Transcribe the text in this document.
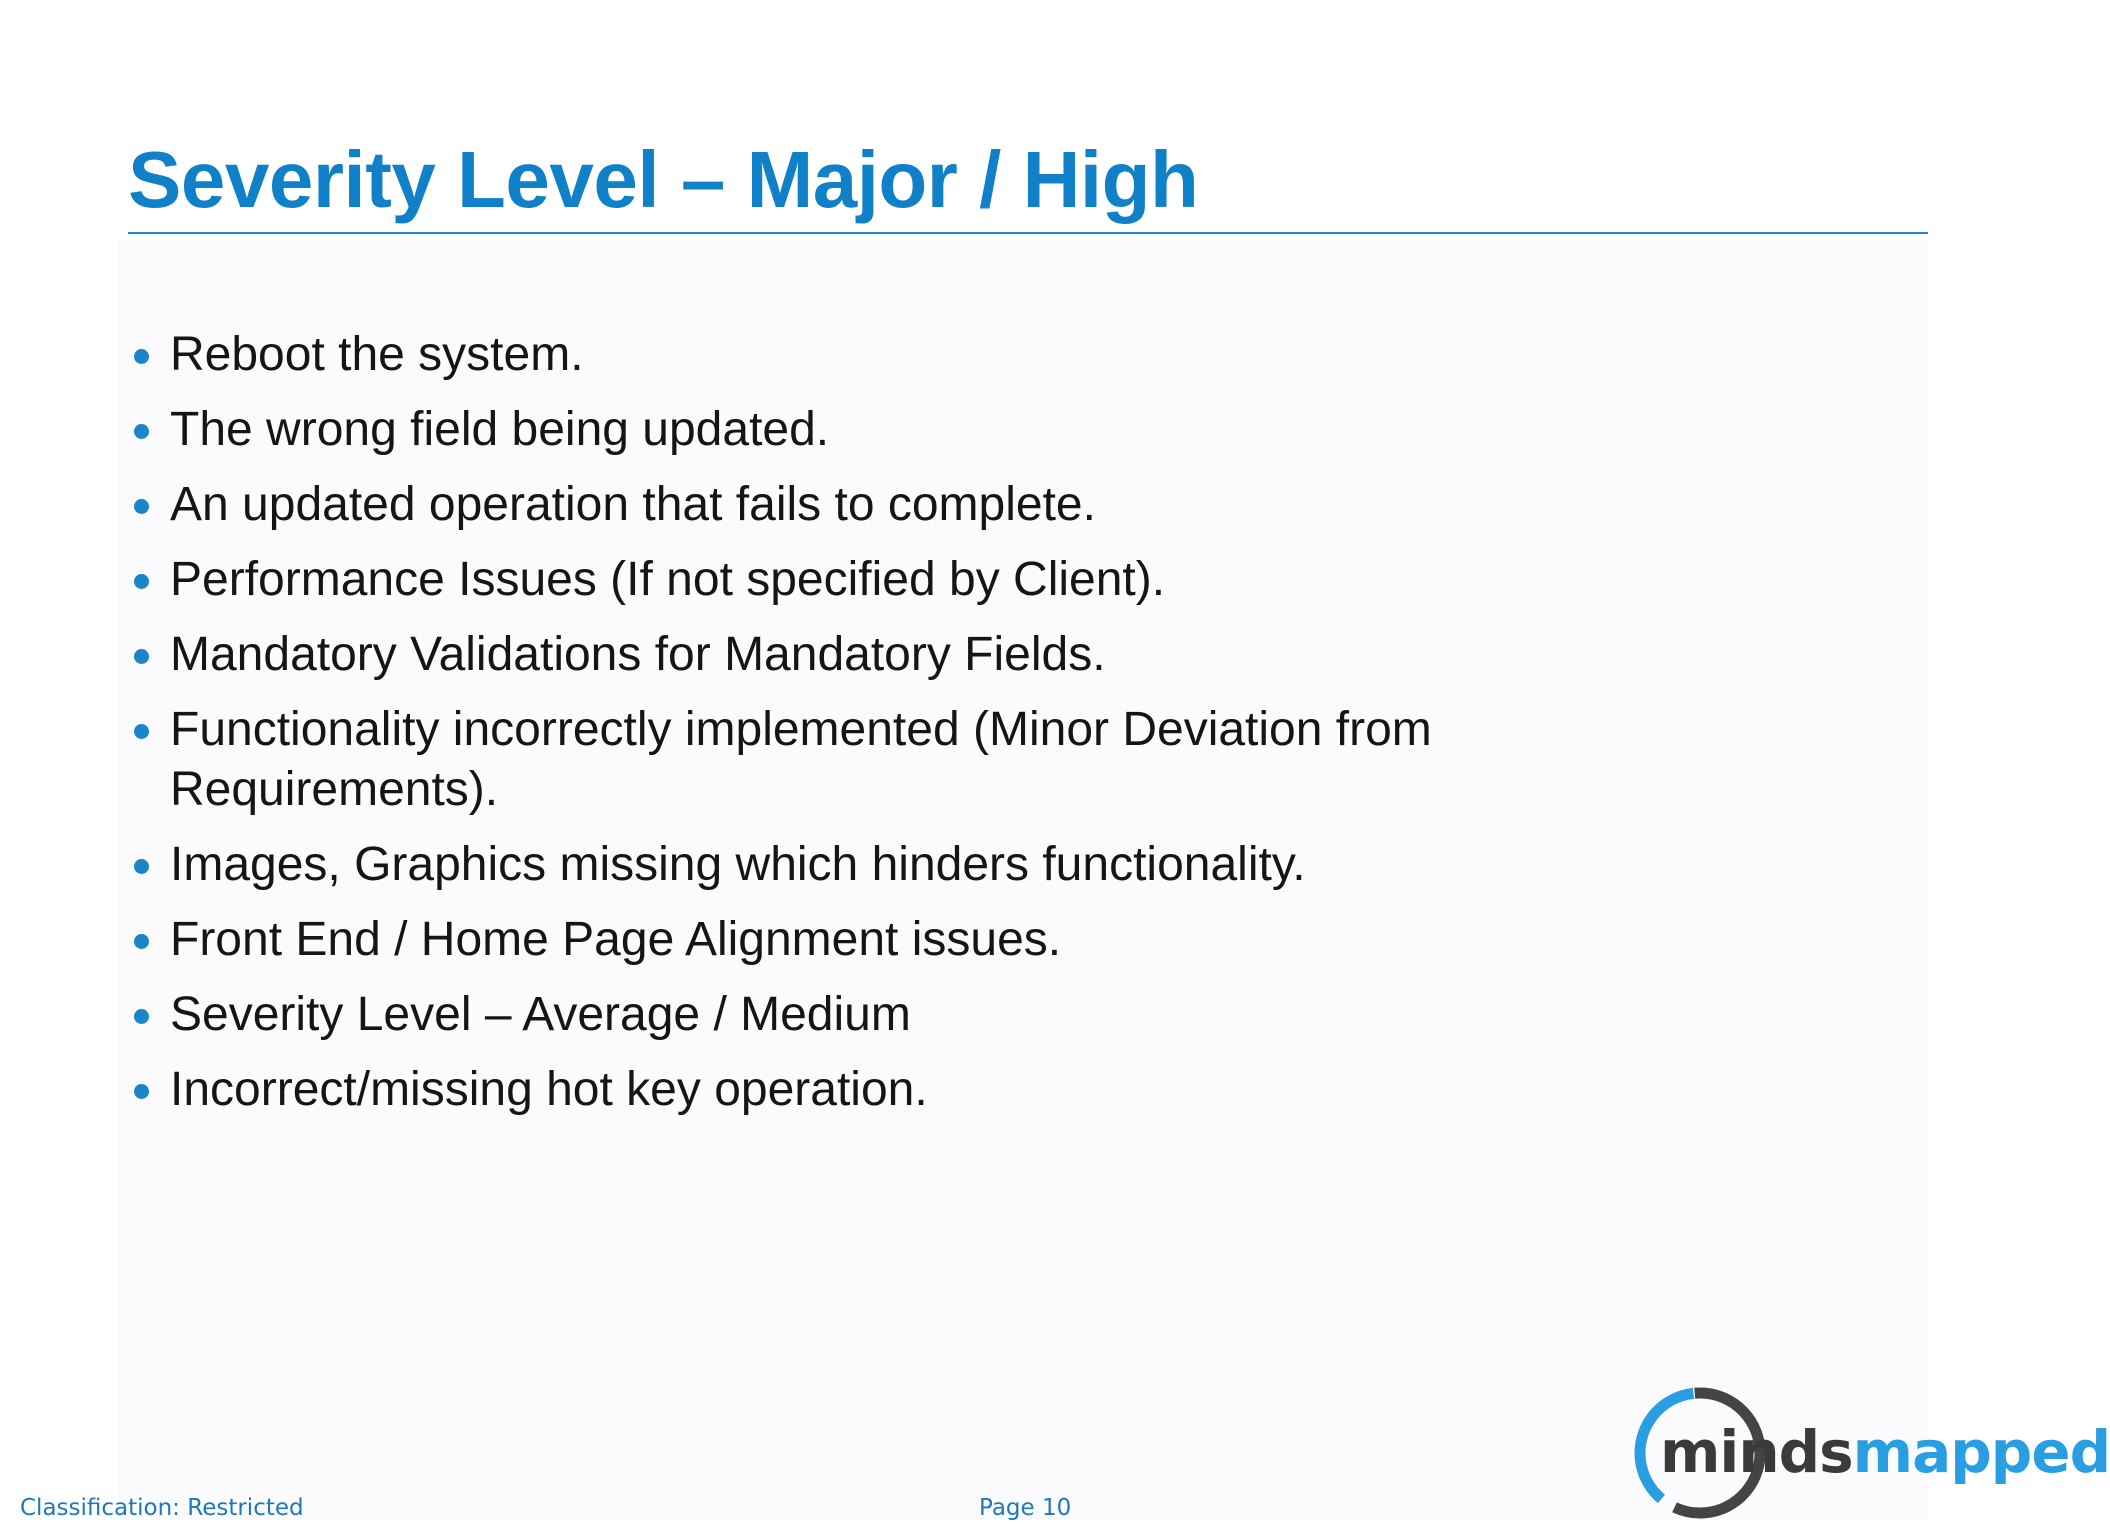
Severity Level – Major / High
Reboot the system.
The wrong field being updated.
An updated operation that fails to complete.
Performance Issues (If not specified by Client).
Mandatory Validations for Mandatory Fields.
Functionality incorrectly implemented (Minor Deviation from Requirements).
Images, Graphics missing which hinders functionality.
Front End / Home Page Alignment issues.
Severity Level – Average / Medium
Incorrect/missing hot key operation.
Classification: Restricted	Page 10
mindsmapped
